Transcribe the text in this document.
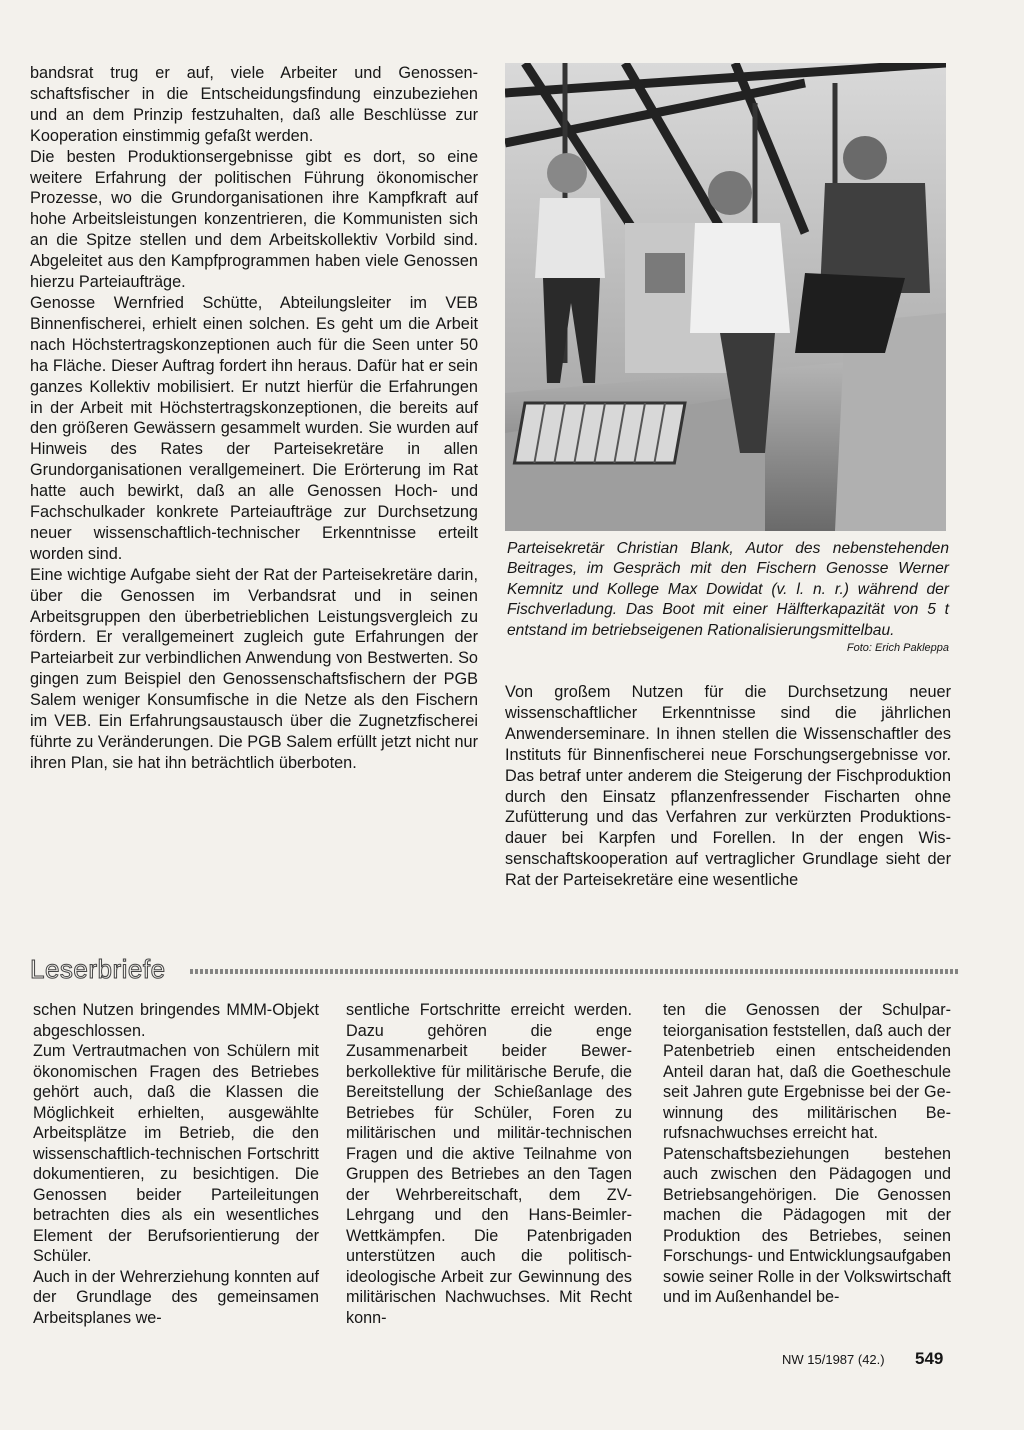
bandsrat trug er auf, viele Arbeiter und Genossenschaftsfischer in die Entscheidungsfindung einzubeziehen und an dem Prinzip festzuhalten, daß alle Beschlüsse zur Kooperation einstimmig gefaßt werden.

Die besten Produktionsergebnisse gibt es dort, so eine weitere Erfahrung der politischen Führung ökonomischer Prozesse, wo die Grundorganisationen ihre Kampfkraft auf hohe Arbeitsleistungen konzentrieren, die Kommunisten sich an die Spitze stellen und dem Arbeitskollektiv Vorbild sind. Abgeleitet aus den Kampfprogrammen haben viele Genossen hierzu Parteiaufträge.

Genosse Wernfried Schütte, Abteilungsleiter im VEB Binnenfischerei, erhielt einen solchen. Es geht um die Arbeit nach Höchstertragskonzeptionen auch für die Seen unter 50 ha Fläche. Dieser Auftrag fordert ihn heraus. Dafür hat er sein ganzes Kollektiv mobilisiert. Er nutzt hierfür die Erfahrungen in der Arbeit mit Höchstertragskonzeptionen, die bereits auf den größeren Gewässern gesammelt wurden. Sie wurden auf Hinweis des Rates der Parteisekretäre in allen Grundorganisationen verallgemeinert. Die Erörterung im Rat hatte auch bewirkt, daß an alle Genossen Hoch- und Fachschulkader konkrete Parteiaufträge zur Durchsetzung neuer wissenschaftlich-technischer Erkenntnisse erteilt worden sind.

Eine wichtige Aufgabe sieht der Rat der Parteisekretäre darin, über die Genossen im Verbandsrat und in seinen Arbeitsgruppen den überbetrieblichen Leistungsvergleich zu fördern. Er verallgemeinert zugleich gute Erfahrungen der Parteiarbeit zur verbindlichen Anwendung von Bestwerten. So gingen zum Beispiel den Genossenschaftsfischern der PGB Salem weniger Konsumfische in die Netze als den Fischern im VEB. Ein Erfahrungsaustausch über die Zugnetzfischerei führte zu Veränderungen. Die PGB Salem erfüllt jetzt nicht nur ihren Plan, sie hat ihn beträchtlich überboten.

Parteisekretär Christian Blank, Autor des nebenstehenden Beitrages, im Gespräch mit den Fischern Genosse Werner Kemnitz und Kollege Max Dowidat (v. l. n. r.) während der Fischverladung. Das Boot mit einer Hälfterkapazität von 5 t entstand im betriebseigenen Rationalisierungsmittelbau.

Foto: Erich Pakleppa

Von großem Nutzen für die Durchsetzung neuer wissenschaftlicher Erkenntnisse sind die jährlichen Anwenderseminare. In ihnen stellen die Wissenschaftler des Instituts für Binnenfischerei neue Forschungsergebnisse vor. Das betraf unter anderem die Steigerung der Fischproduktion durch den Einsatz pflanzenfressender Fischarten ohne Zufütterung und das Verfahren zur verkürzten Produktionsdauer bei Karpfen und Forellen. In der engen Wissenschaftskooperation auf vertraglicher Grundlage sieht der Rat der Parteisekretäre eine wesentliche

Leserbriefe

schen Nutzen bringendes MMM-Objekt abgeschlossen.

Zum Vertrautmachen von Schülern mit ökonomischen Fragen des Betriebes gehört auch, daß die Klassen die Möglichkeit erhielten, ausgewählte Arbeitsplätze im Betrieb, die den wissenschaftlich-technischen Fortschritt dokumentieren, zu besichtigen. Die Genossen beider Parteileitungen betrachten dies als ein wesentliches Element der Berufsorientierung der Schüler.

Auch in der Wehrerziehung konnten auf der Grundlage des gemeinsamen Arbeitsplanes we-

sentliche Fortschritte erreicht werden. Dazu gehören die enge Zusammenarbeit beider Bewerberkollektive für militärische Berufe, die Bereitstellung der Schießanlage des Betriebes für Schüler, Foren zu militärischen und militär-technischen Fragen und die aktive Teilnahme von Gruppen des Betriebes an den Tagen der Wehrbereitschaft, dem ZV-Lehrgang und den Hans-Beimler-Wettkämpfen. Die Patenbrigaden unterstützen auch die politisch-ideologische Arbeit zur Gewinnung des militärischen Nachwuchses. Mit Recht konn-

ten die Genossen der Schulparteiorganisation feststellen, daß auch der Patenbetrieb einen entscheidenden Anteil daran hat, daß die Goetheschule seit Jahren gute Ergebnisse bei der Gewinnung des militärischen Berufsnachwuchses erreicht hat.

Patenschaftsbeziehungen bestehen auch zwischen den Pädagogen und Betriebsangehörigen. Die Genossen machen die Pädagogen mit der Produktion des Betriebes, seinen Forschungs- und Entwicklungsaufgaben sowie seiner Rolle in der Volkswirtschaft und im Außenhandel be-

NW 15/1987 (42.) 549
